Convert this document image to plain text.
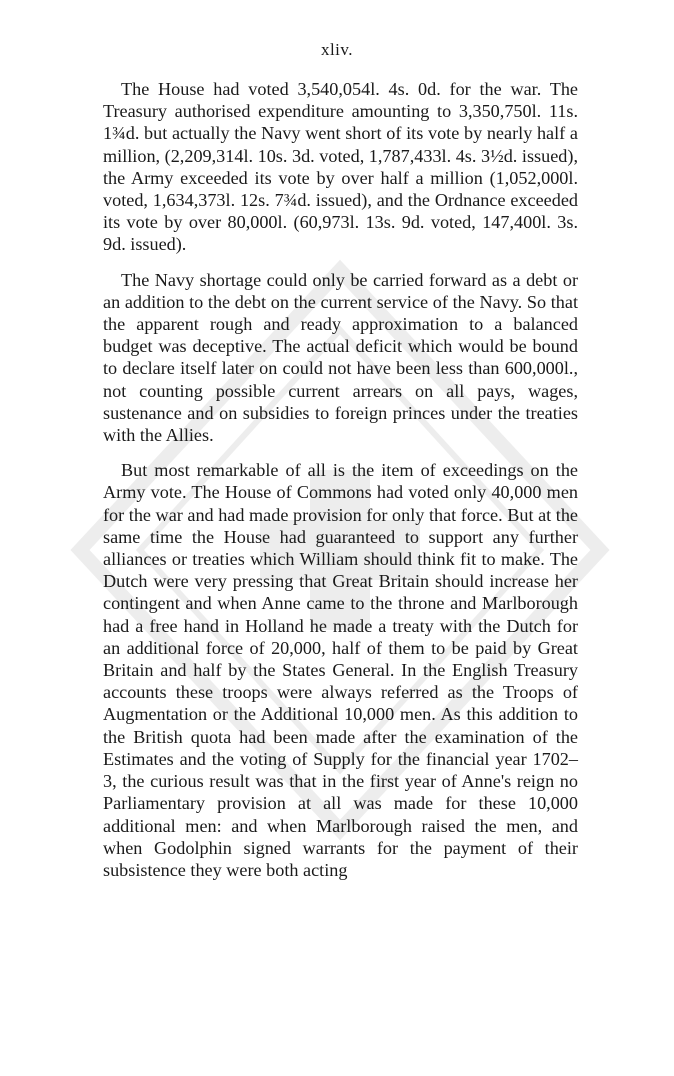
xliv.

The House had voted 3,540,054l. 4s. 0d. for the war. The Treasury authorised expenditure amounting to 3,350,750l. 11s. 1¾d. but actually the Navy went short of its vote by nearly half a million, (2,209,314l. 10s. 3d. voted, 1,787,433l. 4s. 3½d. issued), the Army exceeded its vote by over half a million (1,052,000l. voted, 1,634,373l. 12s. 7¾d. issued), and the Ordnance exceeded its vote by over 80,000l. (60,973l. 13s. 9d. voted, 147,400l. 3s. 9d. issued).

The Navy shortage could only be carried forward as a debt or an addition to the debt on the current service of the Navy. So that the apparent rough and ready approximation to a balanced budget was deceptive. The actual deficit which would be bound to declare itself later on could not have been less than 600,000l., not counting possible current arrears on all pays, wages, sustenance and on subsidies to foreign princes under the treaties with the Allies.

But most remarkable of all is the item of exceedings on the Army vote. The House of Commons had voted only 40,000 men for the war and had made provision for only that force. But at the same time the House had guaranteed to support any further alliances or treaties which William should think fit to make. The Dutch were very pressing that Great Britain should increase her contingent and when Anne came to the throne and Marlborough had a free hand in Holland he made a treaty with the Dutch for an additional force of 20,000, half of them to be paid by Great Britain and half by the States General. In the English Treasury accounts these troops were always referred as the Troops of Augmentation or the Additional 10,000 men. As this addition to the British quota had been made after the examination of the Estimates and the voting of Supply for the financial year 1702–3, the curious result was that in the first year of Anne's reign no Parliamentary provision at all was made for these 10,000 additional men: and when Marlborough raised the men, and when Godolphin signed warrants for the payment of their subsistence they were both acting
